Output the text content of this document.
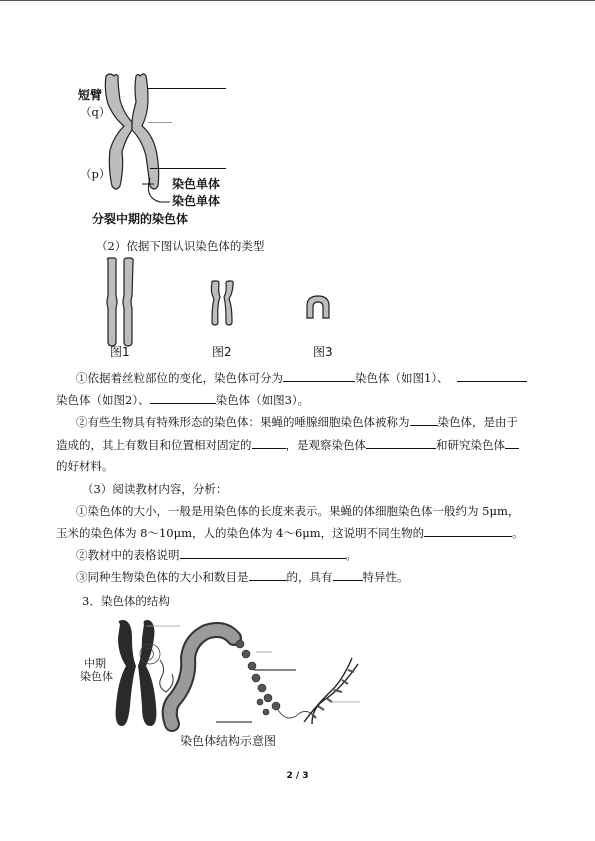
短臂
（q）
（p）
染色单体
染色单体
分裂中期的染色体
（2）依据下图认识染色体的类型
图1	图2	图3
①依据着丝粒部位的变化，染色体可分为	染色体（如图1）、
染色体（如图2）、	染色体（如图3）。
②有些生物具有特殊形态的染色体：果蝇的唾腺细胞染色体被称为 染色体，是由于
造成的，其上有数目和位置相对固定的	，是观察染色体	和研究染色体
的好材料。
（3）阅读教材内容，分析：
①染色体的大小，一般是用染色体的长度来表示。果蝇的体细胞染色体一般约为 5μm，
玉米的染色体为 8～10μm，人的染色体为 4～6μm，这说明不同生物的	。
②教材中的表格说明	。
③同种生物染色体的大小和数目是	的，具有	特异性。
3．染色体的结构
中期
染色体
染色体结构示意图
2 / 3
